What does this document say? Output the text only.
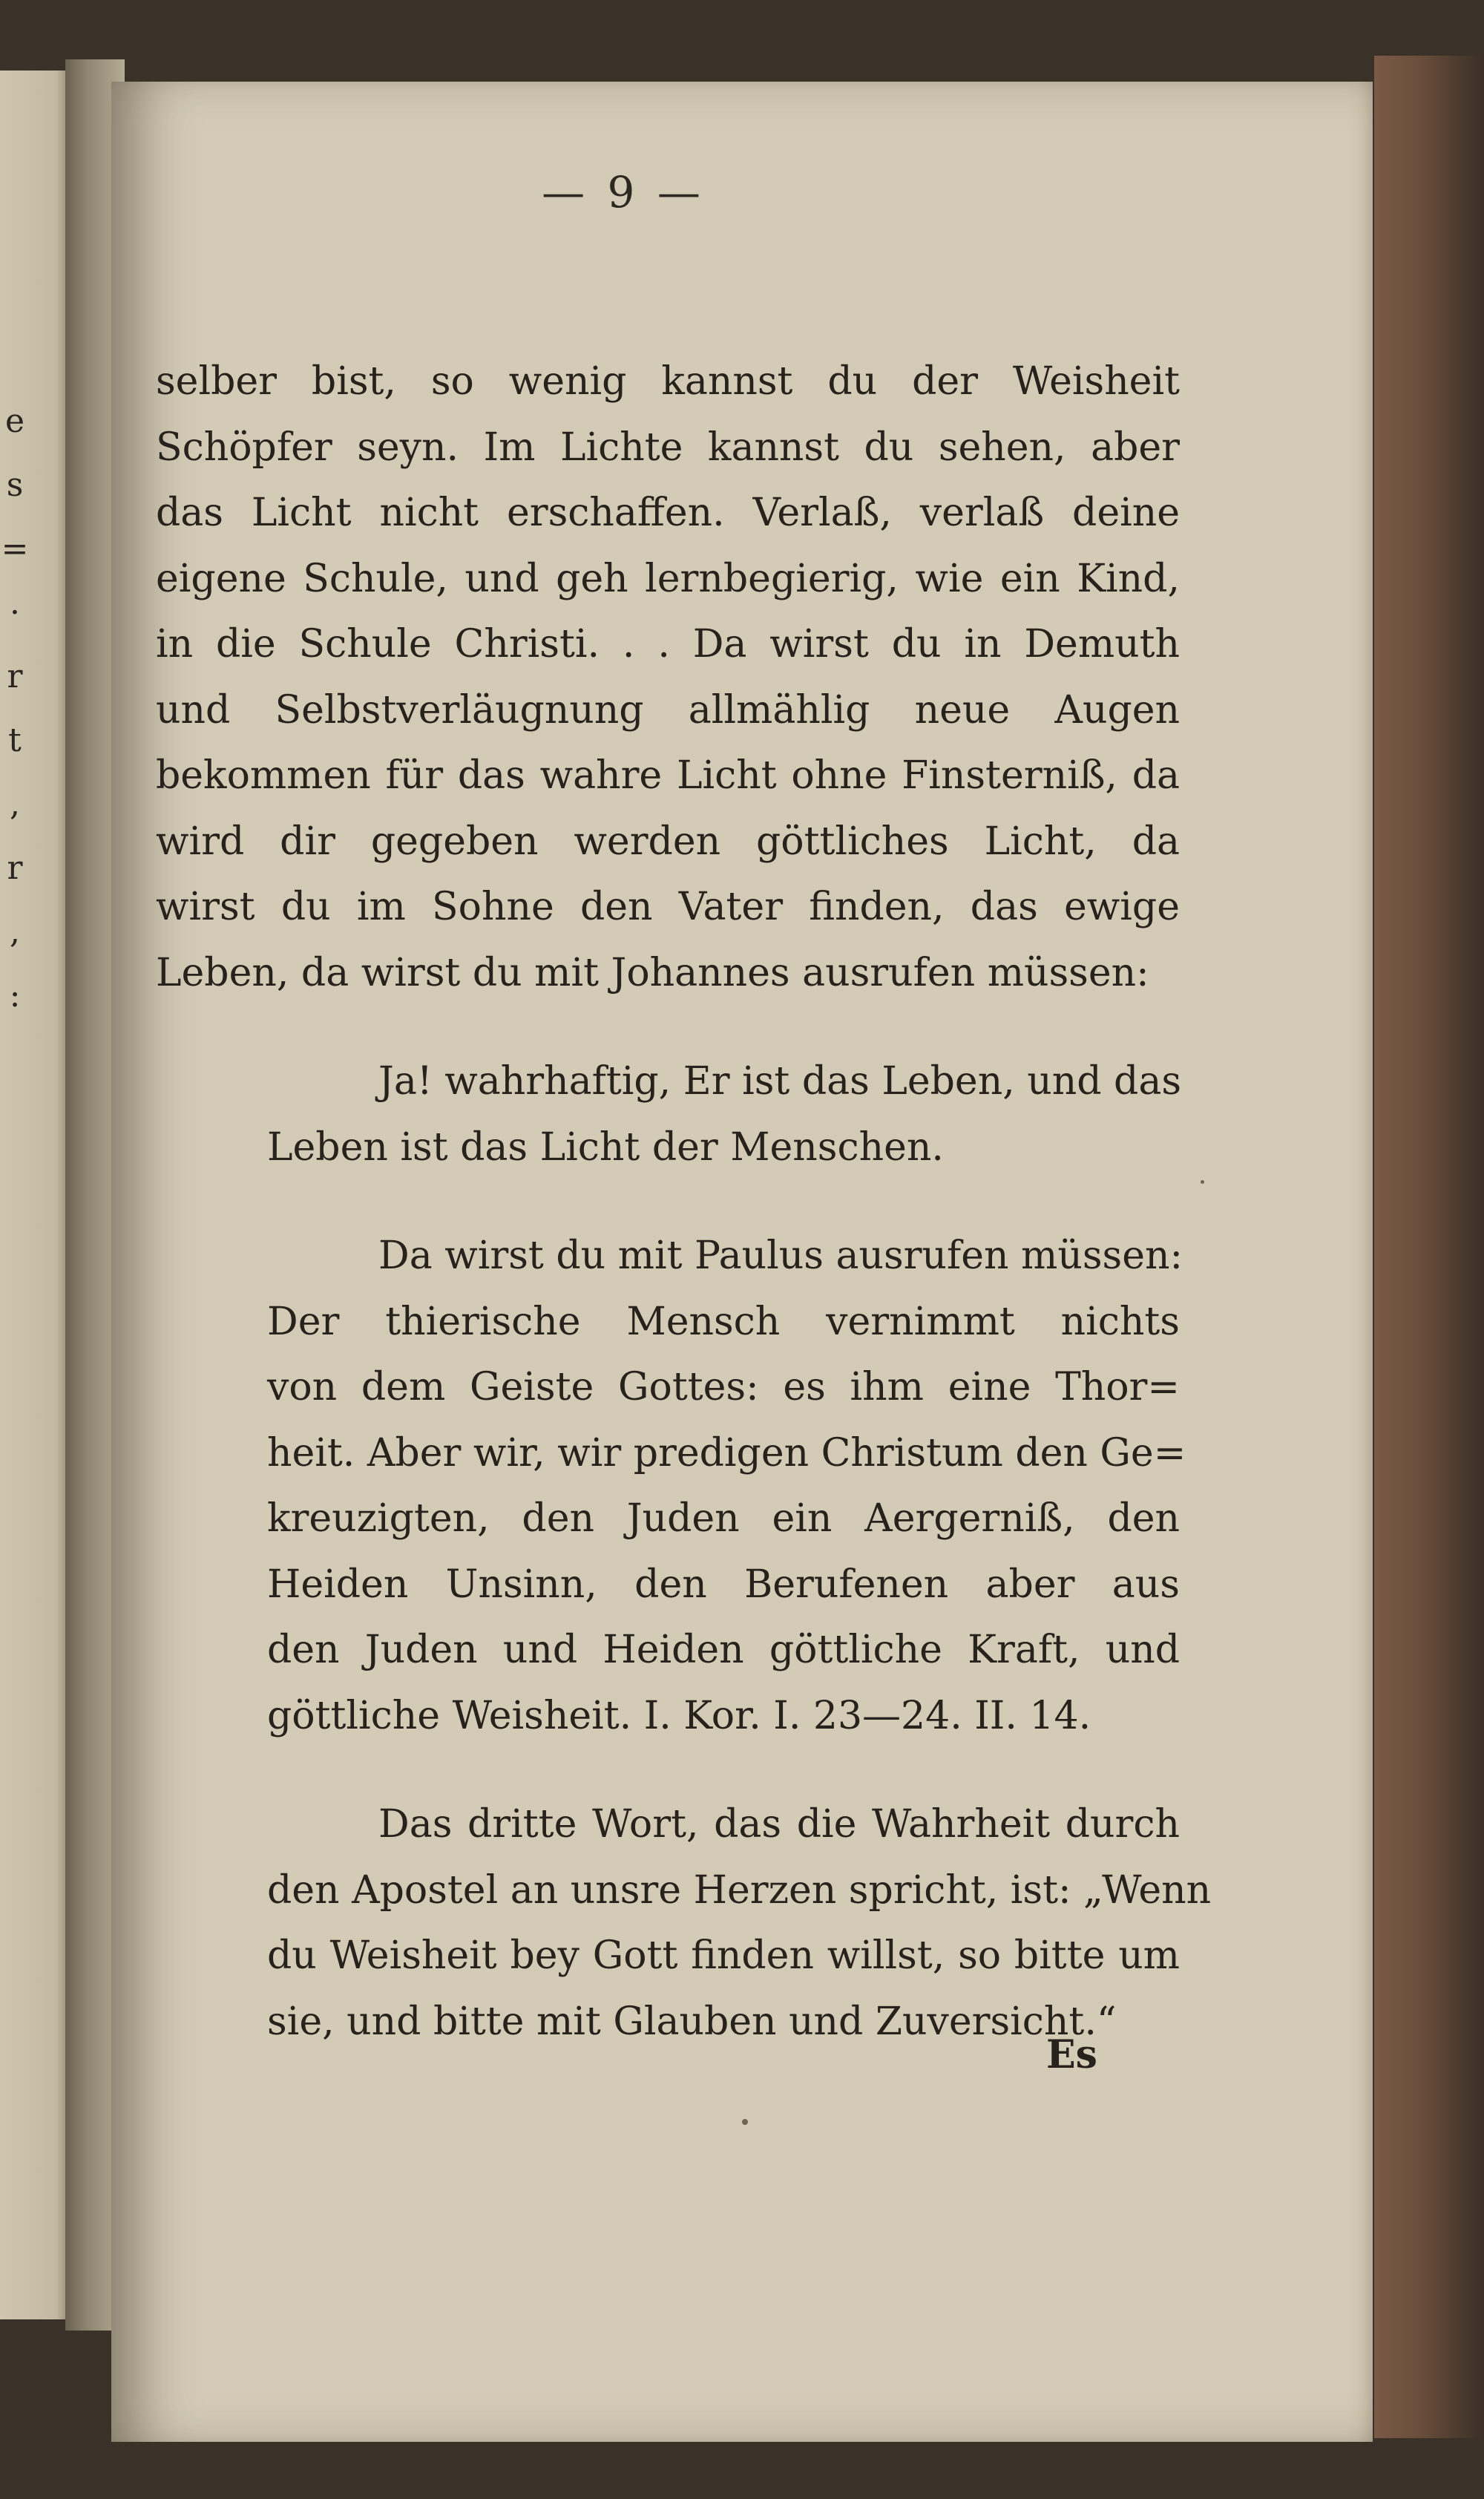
e
s
=
·
r
t
,
r
,
:
— 9 —

selber bist, so wenig kannst du der Weisheit
Schöpfer seyn. Im Lichte kannst du sehen, aber
das Licht nicht erschaffen. Verlaß, verlaß deine
eigene Schule, und geh lernbegierig, wie ein Kind,
in die Schule Christi. . . Da wirst du in Demuth
und Selbstverläugnung allmählig neue Augen
bekommen für das wahre Licht ohne Finsterniß, da
wird dir gegeben werden göttliches Licht, da
wirst du im Sohne den Vater finden, das ewige
Leben, da wirst du mit Johannes ausrufen müssen:

Ja! wahrhaftig, Er ist das Leben, und das
Leben ist das Licht der Menschen.

Da wirst du mit Paulus ausrufen müssen:
Der thierische Mensch vernimmt nichts
von dem Geiste Gottes: es ihm eine Thor=
heit. Aber wir, wir predigen Christum den Ge=
kreuzigten, den Juden ein Aergerniß, den
Heiden Unsinn, den Berufenen aber aus
den Juden und Heiden göttliche Kraft, und
göttliche Weisheit. I. Kor. I. 23—24. II. 14.

Das dritte Wort, das die Wahrheit durch
den Apostel an unsre Herzen spricht, ist: „Wenn
du Weisheit bey Gott finden willst, so bitte um
sie, und bitte mit Glauben und Zuversicht.“

Es
